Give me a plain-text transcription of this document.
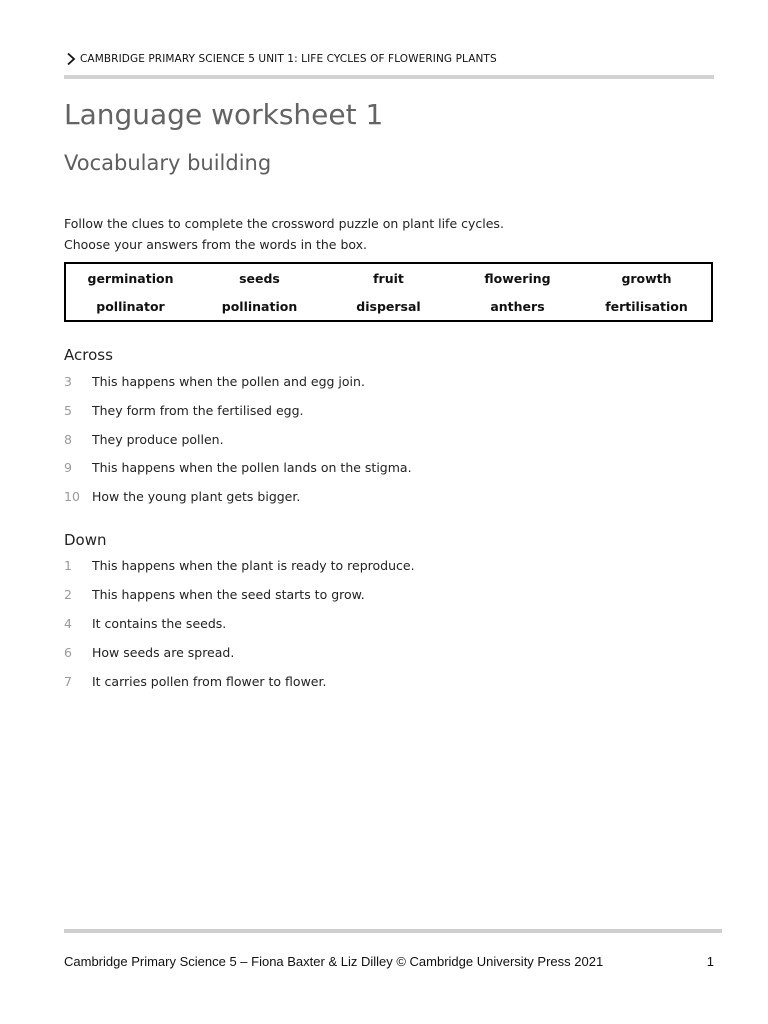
CAMBRIDGE PRIMARY SCIENCE 5 UNIT 1: LIFE CYCLES OF FLOWERING PLANTS
Language worksheet 1
Vocabulary building
Follow the clues to complete the crossword puzzle on plant life cycles.
Choose your answers from the words in the box.
germination	seeds	fruit	flowering	growth
pollinator	pollination	dispersal	anthers	fertilisation
Across
3	This happens when the pollen and egg join.
5	They form from the fertilised egg.
8	They produce pollen.
9	This happens when the pollen lands on the stigma.
10 How the young plant gets bigger.
Down
1	This happens when the plant is ready to reproduce.
2	This happens when the seed starts to grow.
4	It contains the seeds.
6	How seeds are spread.
7	It carries pollen from flower to flower.
Cambridge Primary Science 5 – Fiona Baxter & Liz Dilley © Cambridge University Press 2021	1
